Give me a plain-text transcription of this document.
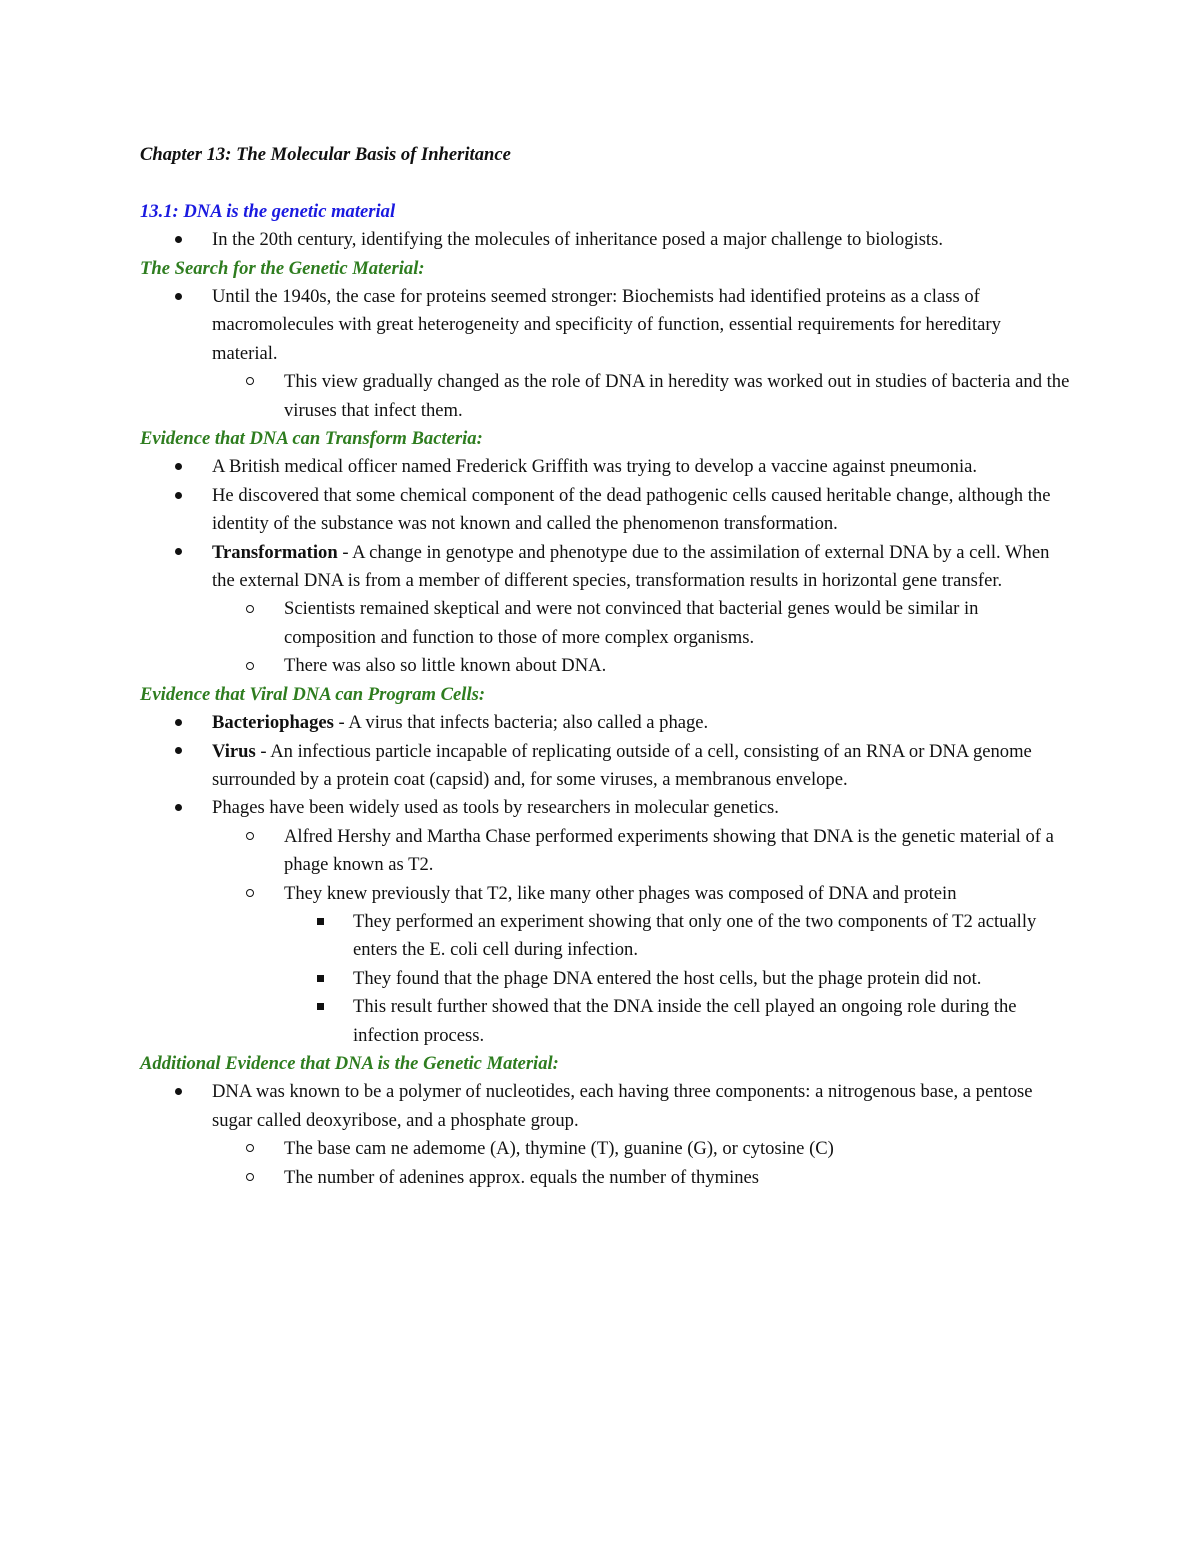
Chapter 13: The Molecular Basis of Inheritance

13.1: DNA is the genetic material

In the 20th century, identifying the molecules of inheritance posed a major challenge to biologists.

The Search for the Genetic Material:

Until the 1940s, the case for proteins seemed stronger: Biochemists had identified proteins as a class of macromolecules with great heterogeneity and specificity of function, essential requirements for hereditary material.
This view gradually changed as the role of DNA in heredity was worked out in studies of bacteria and the viruses that infect them.

Evidence that DNA can Transform Bacteria:

A British medical officer named Frederick Griffith was trying to develop a vaccine against pneumonia.
He discovered that some chemical component of the dead pathogenic cells caused heritable change, although the identity of the substance was not known and called the phenomenon transformation.
Transformation - A change in genotype and phenotype due to the assimilation of external DNA by a cell. When the external DNA is from a member of different species, transformation results in horizontal gene transfer.
Scientists remained skeptical and were not convinced that bacterial genes would be similar in composition and function to those of more complex organisms.
There was also so little known about DNA.

Evidence that Viral DNA can Program Cells:

Bacteriophages - A virus that infects bacteria; also called a phage.
Virus - An infectious particle incapable of replicating outside of a cell, consisting of an RNA or DNA genome surrounded by a protein coat (capsid) and, for some viruses, a membranous envelope.
Phages have been widely used as tools by researchers in molecular genetics.
Alfred Hershy and Martha Chase performed experiments showing that DNA is the genetic material of a phage known as T2.
They knew previously that T2, like many other phages was composed of DNA and protein
They performed an experiment showing that only one of the two components of T2 actually enters the E. coli cell during infection.
They found that the phage DNA entered the host cells, but the phage protein did not.
This result further showed that the DNA inside the cell played an ongoing role during the infection process.

Additional Evidence that DNA is the Genetic Material:

DNA was known to be a polymer of nucleotides, each having three components: a nitrogenous base, a pentose sugar called deoxyribose, and a phosphate group.
The base cam ne ademome (A), thymine (T), guanine (G), or cytosine (C)
The number of adenines approx. equals the number of thymines
